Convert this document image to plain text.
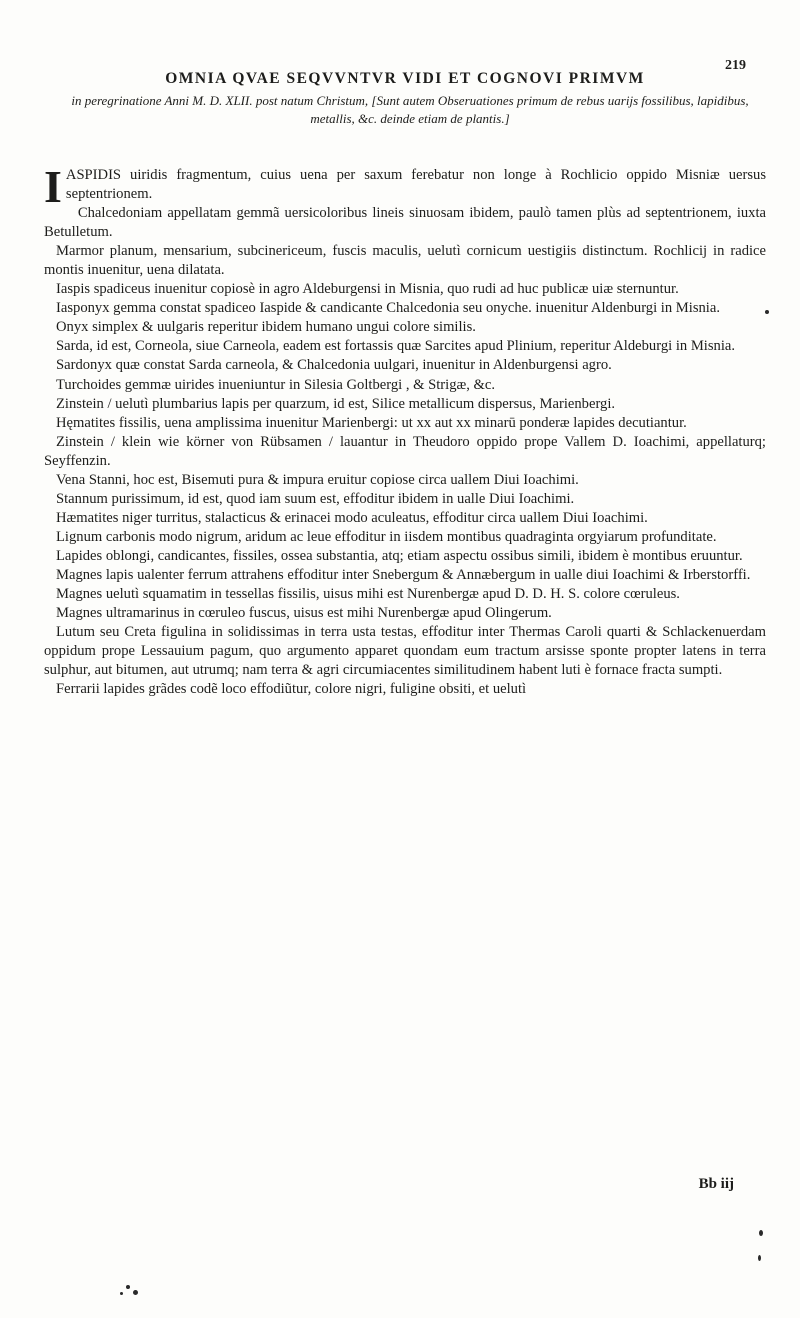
219
OMNIA QVAE SEQVVNTVR VIDI ET COGNOVI PRIMVM
in peregrinatione Anni M. D. XLII. post natum Christum, [Sunt autem Obseruationes primum de rebus uarijs fossilibus, lapidibus, metallis, &c. deinde etiam de plantis.]
I ASPIDIS uiridis fragmentum, cuius uena per saxum ferebatur non longe à Rochlicio oppido Misniæ uersus septentrionem.

Chalcedoniam appellatam gemmã uersicoloribus lineis sinuosam ibidem, paulò tamen plùs ad septentrionem, iuxta Betulletum.

Marmor planum, mensarium, subcinericeum, fuscis maculis, uelutì cornicum uestigiis distinctum. Rochlicij in radice montis inuenitur, uena dilatata.

Iaspis spadiceus inuenitur copiosè in agro Aldeburgensi in Misnia, quo rudi ad huc publicæ uiæ sternuntur.

Iasponyx gemma constat spadiceo Iaspide & candicante Chalcedonia seu onyche. inuenitur Aldenburgi in Misnia.

Onyx simplex & uulgaris reperitur ibidem humano ungui colore similis.

Sarda, id est, Corneola, siue Carneola, eadem est fortassis quæ Sarcites apud Plinium, reperitur Aldeburgi in Misnia.

Sardonyx quæ constat Sarda carneola, & Chalcedonia uulgari, inuenitur in Aldenburgensi agro.

Turchoides gemmæ uirides inueniuntur in Silesia Goltbergi , & Strigæ, &c.

Zinstein / uelutì plumbarius lapis per quarzum, id est, Silice metallicum dispersus, Marienbergi.

Hęmatites fissilis, uena amplissima inuenitur Marienbergi: ut xx aut xx minarū ponderæ lapides decutiantur.

Zinstein / klein wie körner von Rübsamen / lauantur in Theudoro oppido prope Vallem D. Ioachimi, appellaturq; Seyffenzin.

Vena Stanni, hoc est, Bisemuti pura & impura eruitur copiose circa uallem Diui Ioachimi.

Stannum purissimum, id est, quod iam suum est, effoditur ibidem in ualle Diui Ioachimi.

Hæmatites niger turritus, stalacticus & erinacei modo aculeatus, effoditur circa uallem Diui Ioachimi.

Lignum carbonis modo nigrum, aridum ac leue effoditur in iisdem montibus quadraginta orgyiarum profunditate.

Lapides oblongi, candicantes, fissiles, ossea substantia, atq; etiam aspectu ossibus simili, ibidem è montibus eruuntur.

Magnes lapis ualenter ferrum attrahens effoditur inter Snebergum & Annæbergum in ualle diui Ioachimi & Irberstorffi.

Magnes uelutì squamatim in tessellas fissilis, uisus mihi est Nurenbergæ apud D. D. H. S. colore cœruleus.

Magnes ultramarinus in cœruleo fuscus, uisus est mihi Nurenbergæ apud Olingerum.

Lutum seu Creta figulina in solidissimas in terra usta testas, effoditur inter Thermas Caroli quarti & Schlackenuerdam oppidum prope Lessauium pagum, quo argumento apparet quondam eum tractum arsisse sponte propter latens in terra sulphur, aut bitumen, aut utrumq; nam terra & agri circumiacentes similitudinem habent luti è fornace fracta sumpti.

Ferrarii lapides grãdes codẽ loco effodiũtur, colore nigri, fuligine obsiti, et uelutì

Bb iij
